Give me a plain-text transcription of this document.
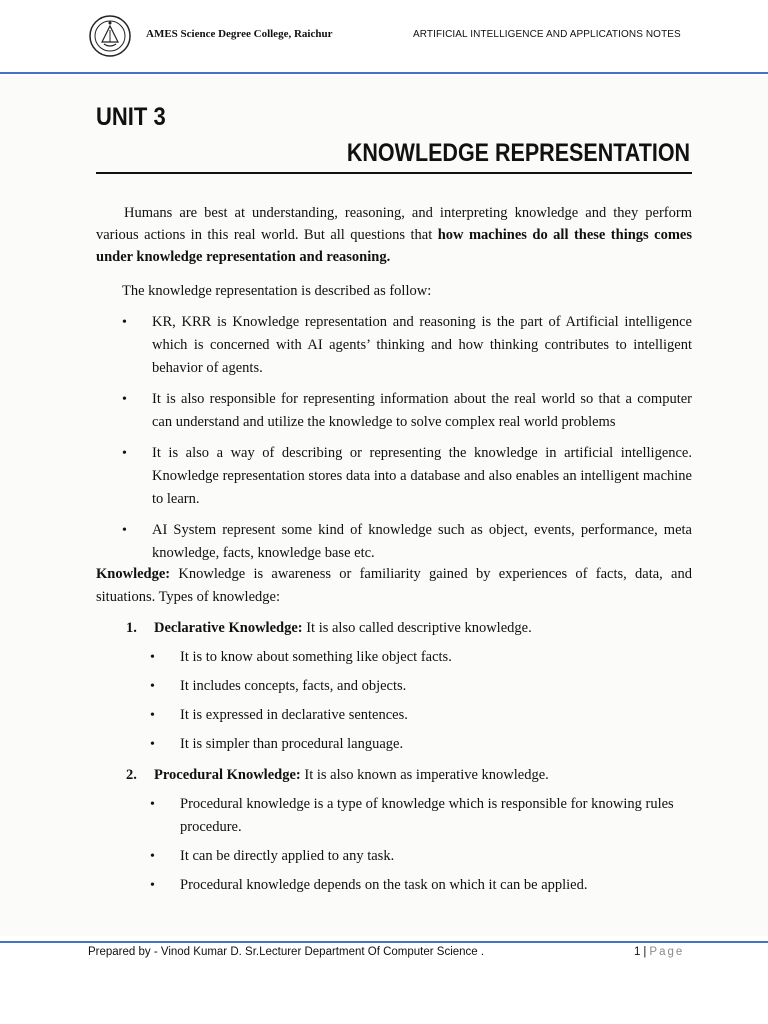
AMES Science Degree College, Raichur	ARTIFICIAL INTELLIGENCE AND APPLICATIONS NOTES
UNIT 3
KNOWLEDGE REPRESENTATION
Humans are best at understanding, reasoning, and interpreting knowledge and they perform various actions in this real world. But all questions that how machines do all these things comes under knowledge representation and reasoning.
The knowledge representation is described as follow:
• KR, KRR is Knowledge representation and reasoning is the part of Artificial intelligence which is concerned with AI agents’ thinking and how thinking contributes to intelligent behavior of agents.
• It is also responsible for representing information about the real world so that a computer can understand and utilize the knowledge to solve complex real world problems
• It is also a way of describing or representing the knowledge in artificial intelligence. Knowledge representation stores data into a database and also enables an intelligent machine to learn.
• AI System represent some kind of knowledge such as object, events, performance, meta knowledge, facts, knowledge base etc.
Knowledge: Knowledge is awareness or familiarity gained by experiences of facts, data, and situations. Types of knowledge:
1. Declarative Knowledge: It is also called descriptive knowledge.
• It is to know about something like object facts.
• It includes concepts, facts, and objects.
• It is expressed in declarative sentences.
• It is simpler than procedural language.
2. Procedural Knowledge: It is also known as imperative knowledge.
• Procedural knowledge is a type of knowledge which is responsible for knowing rules procedure.
• It can be directly applied to any task.
• Procedural knowledge depends on the task on which it can be applied.
Prepared by - Vinod Kumar D. Sr.Lecturer Department Of Computer Science .	1 | Page
